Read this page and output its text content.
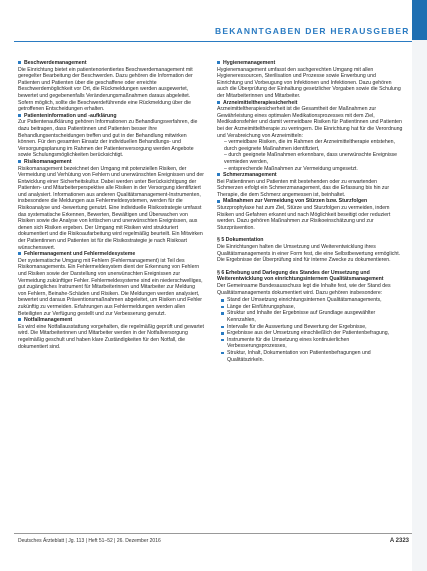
BEKANNTGABEN DER HERAUSGEBER
Beschwerdemanagement
Die Einrichtung bietet ein patientenorientiertes Beschwerdemanagement mit geregelter Bearbeitung der Beschwerden. Dazu gehören die Information der Patienten und Patienten über die geschaffene oder erreichte Beschwerdemöglichkeit vor Ort, die Rückmeldungen werden ausgewertet, bewertet und gegebenenfalls Veränderungsmaßnahmen daraus abgeleitet. Sofern möglich, sollte die Beschwerdeführende eine Rückmeldung über die getroffenen Entscheidungen erhalten.
Patienteninformation und -aufklärung
Zur Patientenaufklärung gehören Informationen zu Behandlungsverfahren, die dazu beitragen, dass Patientinnen und Patienten besser ihre Behandlungsentscheidungen treffen und gut in der Behandlung mitwirken können. Für den gesamten Einsatz der individuellen Behandlungs- und Versorgungsplanung im Rahmen der Patientenversorgung werden Angebote sowie Schulungsmöglichkeiten berücksichtigt.
Risikomanagement
Risikomanagement bezeichnet den Umgang mit potenziellen Risiken, der Vermeidung und Verhütung von Fehlern und unerwünschten Ereignissen und der Entwicklung einer Sicherheitskultur. Dabei werden unter Berücksichtigung der Patienten- und Mitarbeiterperspektive alle Risiken in der Versorgung identifiziert und analysiert. Informationen aus anderen Qualitätsmanagement-Instrumenten, insbesondere die Meldungen aus Fehlermeldesystemen, werden für die Risikoanalyse und -bewertung genutzt. Eine individuelle Risikostrategie umfasst das systematische Erkennen, Bewerten, Bewältigen und Überwachen von Risiken sowie die Analyse von kritischen und unerwünschten Ereignissen, aus denen sich Risiken ergeben. Der Umgang mit Risiken wird strukturiert dokumentiert und die Risikoaufarbeitung wird regelmäßig beurteilt. Ein Mitwirken der Patientinnen und Patienten ist für die Risikostrategie je nach Risikoart wünschenswert.
Fehlermanagement und Fehlermeldesysteme
Der systematische Umgang mit Fehlern (Fehlermanagement) ist Teil des Risikomanagements. Ein Fehlermeldesystem dient der Erkennung von Fehlern und Risiken sowie der Darstellung von unerwünschten Ereignissen zur Vermeidung zukünftiger Fehler. Fehlermeldesysteme sind ein niederschwelliges, gut zugängliches Instrument für Mitarbeiterinnen und Mitarbeiter zur Meldung von Fehlern, Beinahe-Schäden und Risiken. Die Meldungen werden analysiert, bewertet und daraus Präventionsmaßnahmen abgeleitet, um Risiken und Fehler zukünftig zu vermeiden. Erfahrungen aus Fehlermeldungen werden allen Beteiligten zur Verfügung gestellt und zur Verbesserung genutzt.
Notfallmanagement
Es wird eine Notfallausstattung vorgehalten, die regelmäßig geprüft und gewartet wird. Die Mitarbeiterinnen und Mitarbeiter werden in der Notfallversorgung regelmäßig geschult und haben klare Zuständigkeiten für den Notfall, die dokumentiert sind.
Hygienemanagement
Hygienemanagement umfasst den sachgerechten Umgang mit allen Hygieneressourcen, Sterilisation und Prozesse sowie Erwerbung und Einrichtung und Vorbeugung von Infektionen und Infektionen. Dazu gehören auch die Überprüfung der Einhaltung gesetzlicher Vorgaben sowie die Schulung der Mitarbeiterinnen und Mitarbeiter.
Arzneimitteltherapiesicherheit
Arzneimitteltherapiesicherheit ist die Gesamtheit der Maßnahmen zur Gewährleistung eines optimalen Medikationsprozesses mit dem Ziel, Medikationsfehler und damit vermeidbare Risiken für Patientinnen und Patienten bei der Arzneimitteltherapie zu verringern. Die Einrichtung hat für die Verordnung und Verabreichung von Arzneimitteln:
– vermeidbare Risiken, die im Rahmen der Arzneimitteltherapie entstehen, durch geeignete Maßnahmen identifiziert,
– durch geeignete Maßnahmen erkennbare, dass unerwünschte Ereignisse vermieden werden,
– entsprechende Maßnahmen zur Vermeidung umgesetzt.
Schmerzmanagement
Bei Patientinnen und Patienten mit bestehenden oder zu erwartenden Schmerzen erfolgt ein Schmerzmanagement, das die Erfassung bis hin zur Therapie, die dem Schmerz angemessen ist, beinhaltet.
Maßnahmen zur Vermeidung von Stürzen bzw. Sturzfolgen
Sturzprophylaxe hat zum Ziel, Stürze und Sturzfolgen zu vermeiden, indem Risiken und Gefahren erkannt und nach Möglichkeit beseitigt oder reduziert werden. Dazu gehören Maßnahmen zur Risikoeinschätzung und zur Sturzprävention.
§ 5 Dokumentation
Die Einrichtungen halten die Umsetzung und Weiterentwicklung ihres Qualitätsmanagements in einer Form fest, die eine Selbstbewertung ermöglicht. Die Ergebnisse der Überprüfung sind für interne Zwecke zu dokumentieren.
§ 6 Erhebung und Darlegung des Standes der Umsetzung und Weiterentwicklung von einrichtungsinternem Qualitätsmanagement
Der Gemeinsame Bundesausschuss legt die Inhalte fest, wie der Stand des Qualitätsmanagements dokumentiert wird. Dazu gehören insbesondere:
Stand der Umsetzung einrichtungsinternen Qualitätsmanagements,
Länge der Einführungsphase,
Struktur und Inhalte der Ergebnisse auf Grundlage ausgewählter Kennzahlen,
Intervalle für die Auswertung und Bewertung der Ergebnisse,
Ergebnisse aus der Umsetzung einschließlich der Patientenbefragung,
Instrumente für die Umsetzung eines kontinuierlichen Verbesserungsprozesses,
Struktur, Inhalt, Dokumentation von Patientenbefragungen und Qualitätszirkeln.
Deutsches Ärzteblatt | Jg. 113 | Heft 51–52 | 26. Dezember 2016	A 2323
